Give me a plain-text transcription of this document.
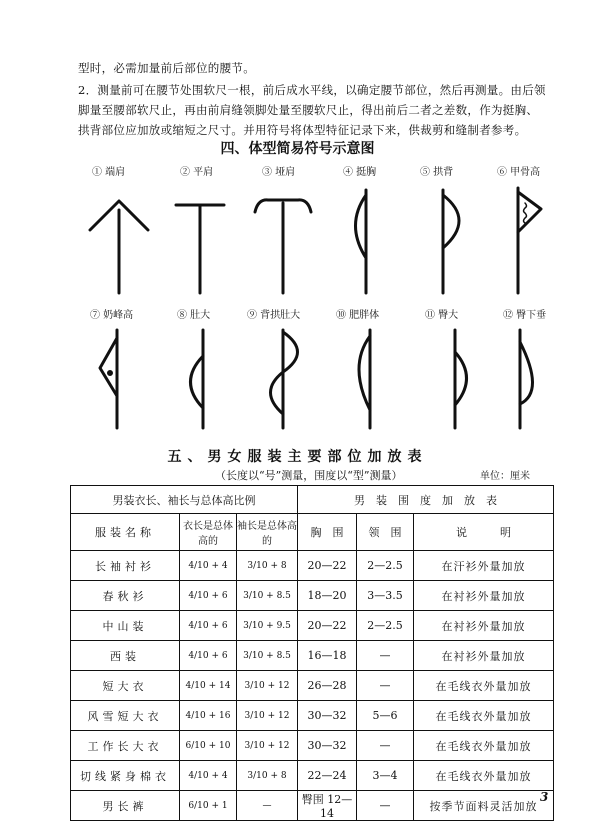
型时，必需加量前后部位的腰节。
2．测量前可在腰节处围软尺一根，前后成水平线，以确定腰节部位，然后再测量。由后领脚量至腰部软尺止，再由前肩缝领脚处量至腰软尺止，得出前后二者之差数，作为挺胸、拱背部位应加放或缩短之尺寸。并用符号将体型特征记录下来，供裁剪和缝制者参考。
四、体型简易符号示意图
① 端肩	② 平肩	③ 垭肩	④ 挺胸	⑤ 拱背	⑥ 甲骨高
⑦ 奶峰高	⑧ 肚大	⑨ 背拱肚大	⑩ 肥胖体	⑪ 臀大	⑫ 臀下垂
五、男女服装主要部位加放表
（长度以“号”测量，围度以“型”测量）	单位：厘米
男装衣长、袖长与总体高比例			男　装　围　度　加　放　表		
服装名称	衣长是总体高的	袖长是总体高的	胸　围	领　围	说　　　明
长袖衬衫	4/10 + 4	3/10 + 8	20—22	2—2.5	在汗衫外量加放
春秋衫	4/10 + 6	3/10 + 8.5	18—20	3—3.5	在衬衫外量加放
中山装	4/10 + 6	3/10 + 9.5	20—22	2—2.5	在衬衫外量加放
西装	4/10 + 6	3/10 + 8.5	16—18	—	在衬衫外量加放
短大衣	4/10 + 14	3/10 + 12	26—28	—	在毛线衣外量加放
风雪短大衣	4/10 + 16	3/10 + 12	30—32	5—6	在毛线衣外量加放
工作长大衣	6/10 + 10	3/10 + 12	30—32	—	在毛线衣外量加放
切线紧身棉衣	4/10 + 4	3/10 + 8	22—24	3—4	在毛线衣外量加放
男长裤	6/10 + 1	—	臀围 12—14	—	按季节面料灵活加放
3
